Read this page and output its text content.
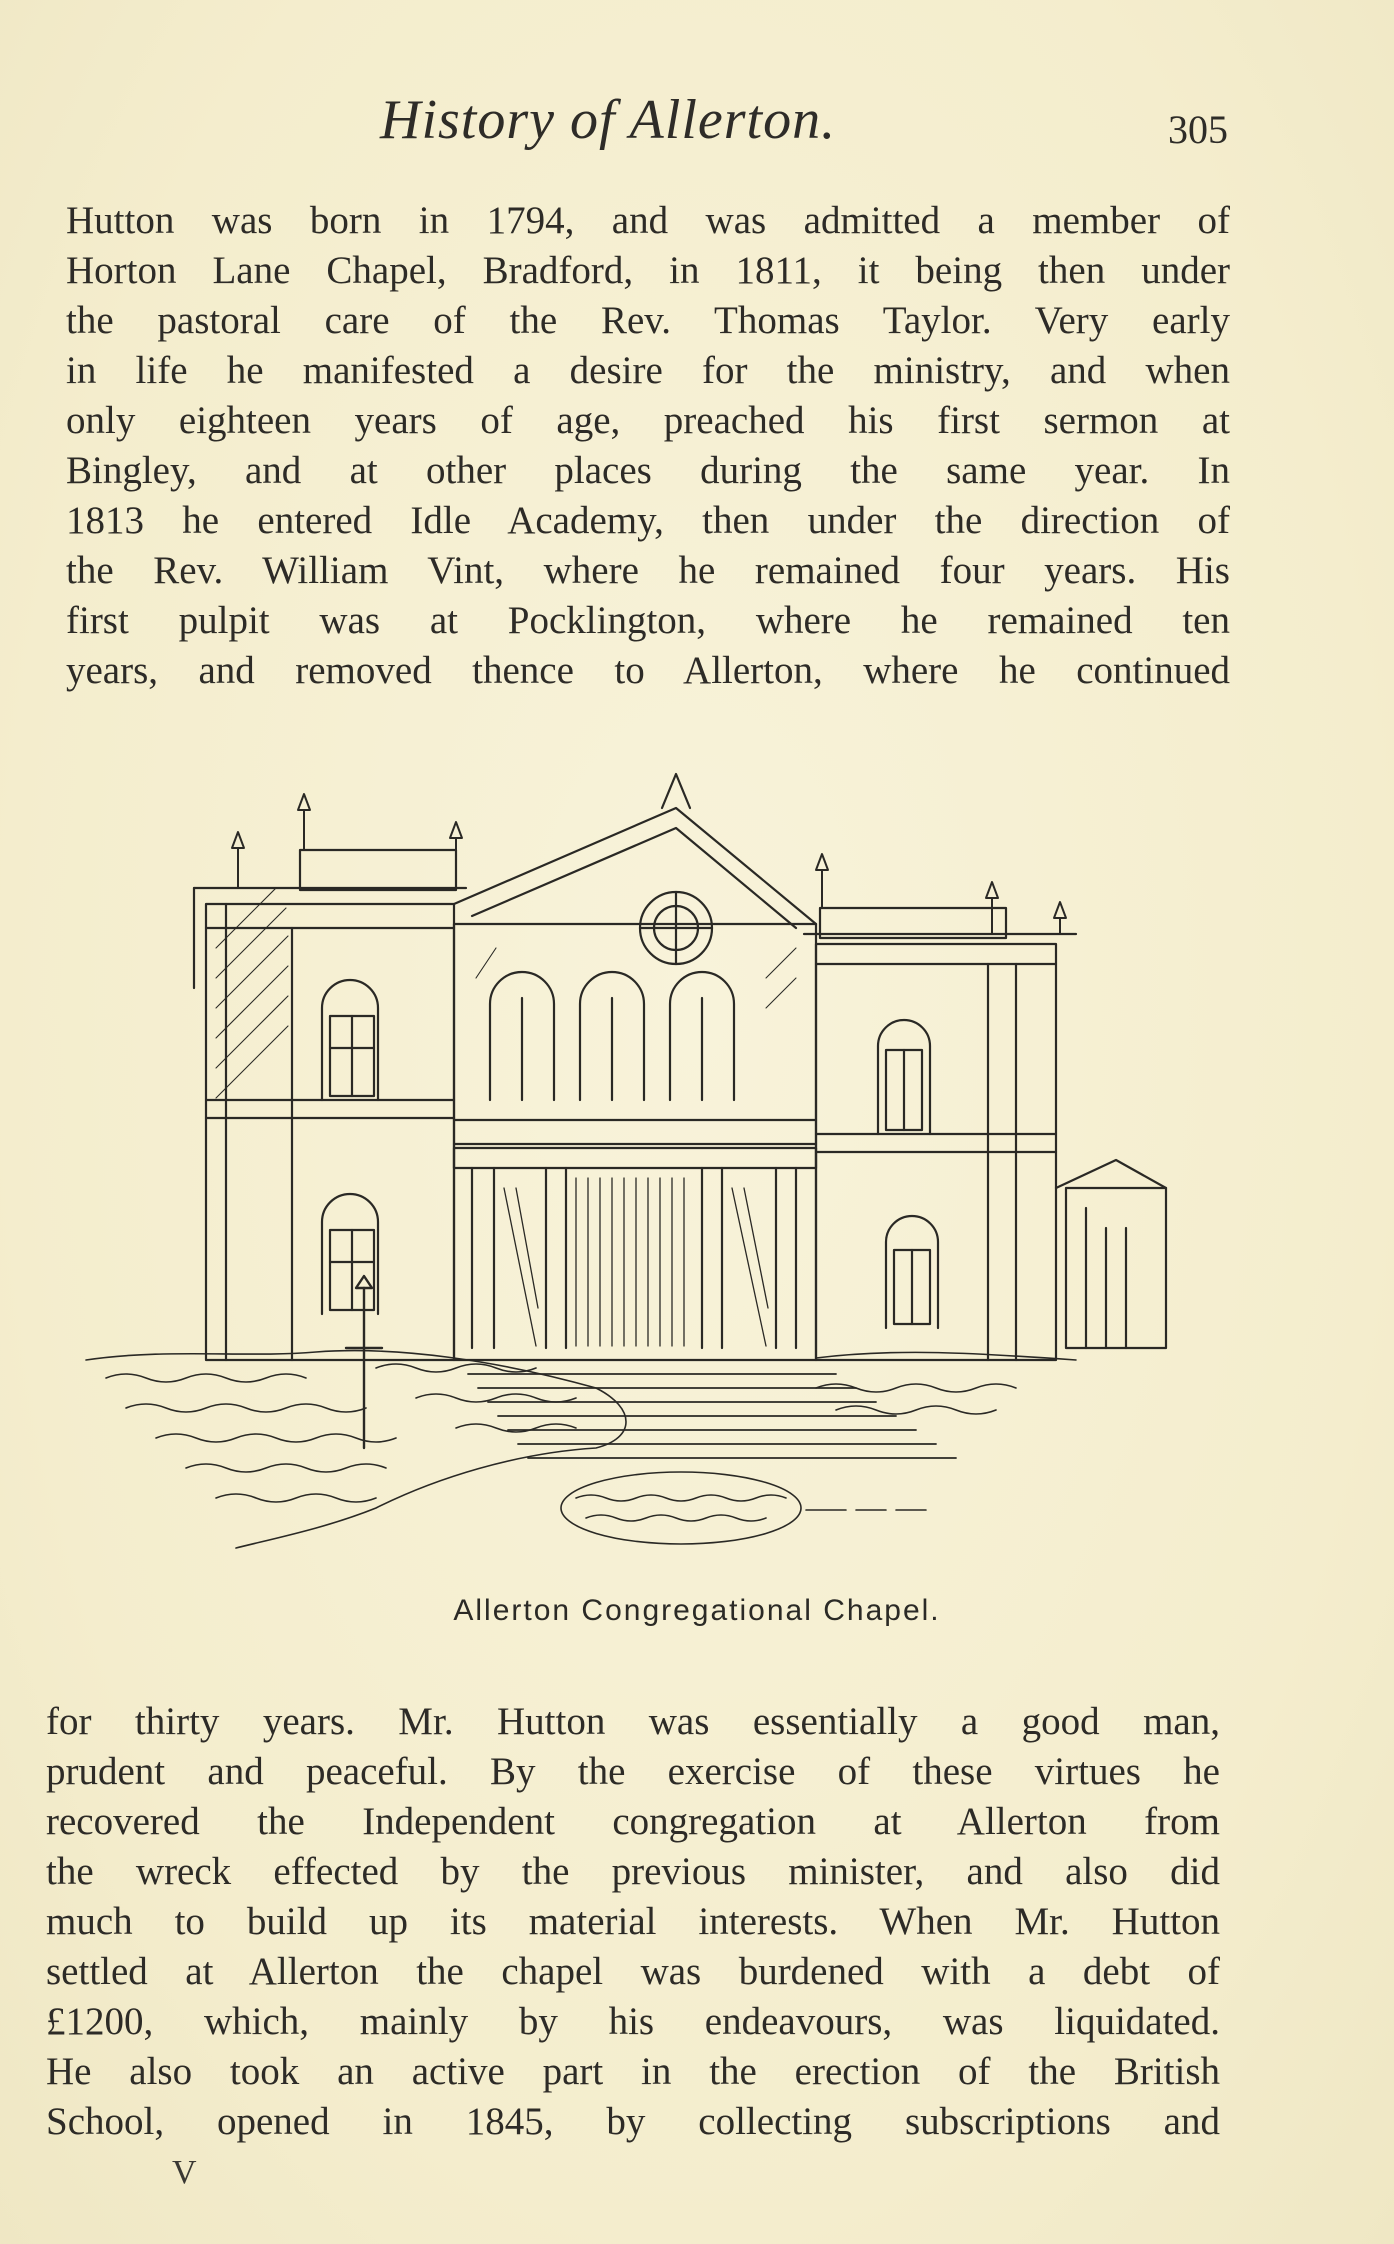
History of Allerton.	305
Hutton was born in 1794, and was admitted a member of
Horton Lane Chapel, Bradford, in 1811, it being then under
the pastoral care of the Rev. Thomas Taylor. Very early
in life he manifested a desire for the ministry, and when
only eighteen years of age, preached his first sermon at
Bingley, and at other places during the same year. In
1813 he entered Idle Academy, then under the direction of
the Rev. William Vint, where he remained four years. His
first pulpit was at Pocklington, where he remained ten
years, and removed thence to Allerton, where he continued
Allerton Congregational Chapel.
for thirty years. Mr. Hutton was essentially a good man,
prudent and peaceful. By the exercise of these virtues he
recovered the Independent congregation at Allerton from
the wreck effected by the previous minister, and also did
much to build up its material interests. When Mr. Hutton
settled at Allerton the chapel was burdened with a debt of
£1200, which, mainly by his endeavours, was liquidated.
He also took an active part in the erection of the British
School, opened in 1845, by collecting subscriptions and
V
